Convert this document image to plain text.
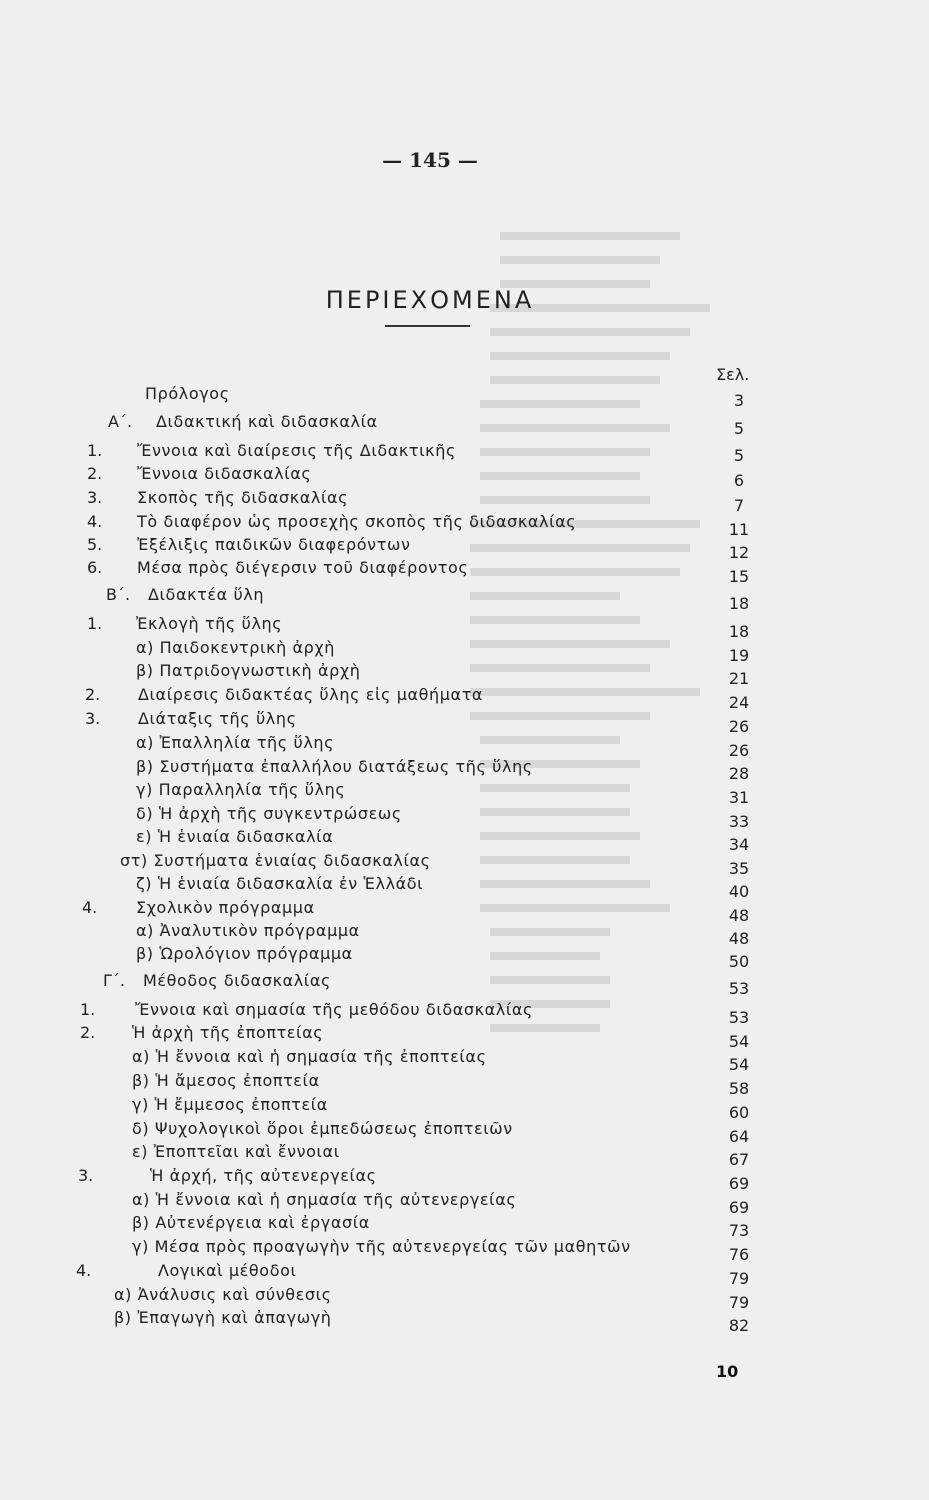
— 145 —
ΠΕΡΙΕΧΟΜΕΝΑ
Σελ.
Πρόλογος	3
Α΄. Διδακτική καὶ διδασκαλία	5
1. Ἔννοια καὶ διαίρεσις τῆς Διδακτικῆς	5
2. Ἔννοια διδασκαλίας	6
3. Σκοπὸς τῆς διδασκαλίας	7
4. Τὸ διαφέρον ὡς προσεχὴς σκοπὸς τῆς διδασκαλίας	11
5. Ἐξέλιξις παιδικῶν διαφερόντων	12
6. Μέσα πρὸς διέγερσιν τοῦ διαφέροντος	15
Β΄. Διδακτέα ὕλη	18
1. Ἐκλογὴ τῆς ὕλης	18
α) Παιδοκεντρικὴ ἀρχὴ	19
β) Πατριδογνωστικὴ ἀρχὴ	21
2. Διαίρεσις διδακτέας ὕλης εἰς μαθήματα	24
3. Διάταξις τῆς ὕλης	26
α) Ἐπαλληλία τῆς ὕλης	26
β) Συστήματα ἐπαλλήλου διατάξεως τῆς ὕλης	28
γ) Παραλληλία τῆς ὕλης	31
δ) Ἡ ἀρχὴ τῆς συγκεντρώσεως	33
ε) Ἡ ἑνιαία διδασκαλία	34
στ) Συστήματα ἑνιαίας διδασκαλίας	35
ζ) Ἡ ἑνιαία διδασκαλία ἐν Ἑλλάδι	40
4. Σχολικὸν πρόγραμμα	48
α) Ἀναλυτικὸν πρόγραμμα	48
β) Ὡρολόγιον πρόγραμμα	50
Γ΄. Μέθοδος διδασκαλίας	53
1. Ἔννοια καὶ σημασία τῆς μεθόδου διδασκαλίας	53
2. Ἡ ἀρχὴ τῆς ἐποπτείας	54
α) Ἡ ἔννοια καὶ ἡ σημασία τῆς ἐποπτείας	54
β) Ἡ ἄμεσος ἐποπτεία	58
γ) Ἡ ἔμμεσος ἐποπτεία	60
δ) Ψυχολογικοὶ ὅροι ἐμπεδώσεως ἐποπτειῶν	64
ε) Ἐποπτεῖαι καὶ ἔννοιαι	67
3.	Ἡ ἀρχή, τῆς αὐτενεργείας	69
α) Ἡ ἔννοια καὶ ἡ σημασία τῆς αὐτενεργείας	69
β) Αὐτενέργεια καὶ ἐργασία	73
γ) Μέσα πρὸς προαγωγὴν τῆς αὐτενεργείας τῶν μαθητῶν	76
4.	Λογικαὶ μέθοδοι	79
α) Ἀνάλυσις καὶ σύνθεσις	79
β) Ἐπαγωγὴ καὶ ἀπαγωγὴ	82
10
